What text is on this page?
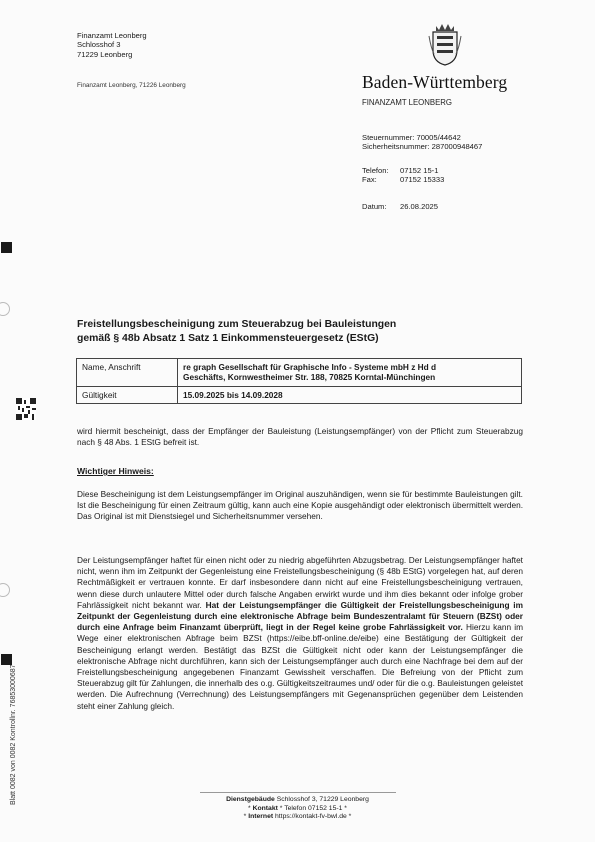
Finanzamt Leonberg
Schlosshof 3
71229 Leonberg
Finanzamt Leonberg, 71226 Leonberg	Baden-Württemberg
FINANZAMT LEONBERG
Steuernummer:
70005/44642
Sicherheitsnummer:
287000948467
Telefon:	07152 15-1
Fax:	07152 15333
Datum:	26.08.2025
Blatt 0082 von 0082 Kontrollnr. 76853000687
Freistellungsbescheinigung zum Steuerabzug bei Bauleistungen
gemäß § 48b Absatz 1 Satz 1 Einkommensteuergesetz (EStG)
Name, Anschrift	re graph Gesellschaft für Graphische Info - Systeme mbH z Hd d
Geschäfts, Kornwestheimer Str. 188, 70825 Korntal-Münchingen

Gültigkeit	15.09.2025 bis 14.09.2028
wird hiermit bescheinigt, dass der Empfänger der Bauleistung (Leistungsempfänger) von der Pflicht zum Steuerabzug nach § 48 Abs. 1 EStG befreit ist.
Wichtiger Hinweis:
Diese Bescheinigung ist dem Leistungsempfänger im Original auszuhändigen, wenn sie für bestimmte Bauleistungen gilt. Ist die Bescheinigung für einen Zeitraum gültig, kann auch eine Kopie ausgehändigt oder elektronisch übermittelt werden. Das Original ist mit Dienstsiegel und Sicherheitsnummer versehen.
Der Leistungsempfänger haftet für einen nicht oder zu niedrig abgeführten Abzugsbetrag. Der Leistungsempfänger haftet nicht, wenn ihm im Zeitpunkt der Gegenleistung eine Freistellungsbescheinigung (§ 48b EStG) vorgelegen hat, auf deren Rechtmäßigkeit er vertrauen konnte. Er darf insbesondere dann nicht auf eine Freistellungsbescheinigung vertrauen, wenn diese durch unlautere Mittel oder durch falsche Angaben erwirkt wurde und ihm dies bekannt oder infolge grober Fahrlässigkeit nicht bekannt war. Hat der Leistungsempfänger die Gültigkeit der Freistellungsbescheinigung im Zeitpunkt der Gegenleistung durch eine elektronische Abfrage beim Bundeszentralamt für Steuern (BZSt) oder durch eine Anfrage beim Finanzamt überprüft, liegt in der Regel keine grobe Fahrlässigkeit vor. Hierzu kann im Wege einer elektronischen Abfrage beim BZSt (https://eibe.bff-online.de/eibe) eine Bestätigung der Gültigkeit der Bescheinigung erlangt werden. Bestätigt das BZSt die Gültigkeit nicht oder kann der Leistungsempfänger die elektronische Abfrage nicht durchführen, kann sich der Leistungsempfänger auch durch eine Nachfrage bei dem auf der Freistellungsbescheinigung angegebenen Finanzamt Gewissheit verschaffen. Die Befreiung von der Pflicht zum Steuerabzug gilt für Zahlungen, die innerhalb des o.g. Gültigkeitszeitraumes und/ oder für die o.g. Bauleistungen geleistet werden. Die Aufrechnung (Verrechnung) des Leistungsempfängers mit Gegenansprüchen gegenüber dem Leistenden steht einer Zahlung gleich.
Dienstgebäude Schlosshof 3, 71229 Leonberg
* Kontakt * Telefon 07152 15-1 *
* Internet https://kontakt-fv-bwl.de *
